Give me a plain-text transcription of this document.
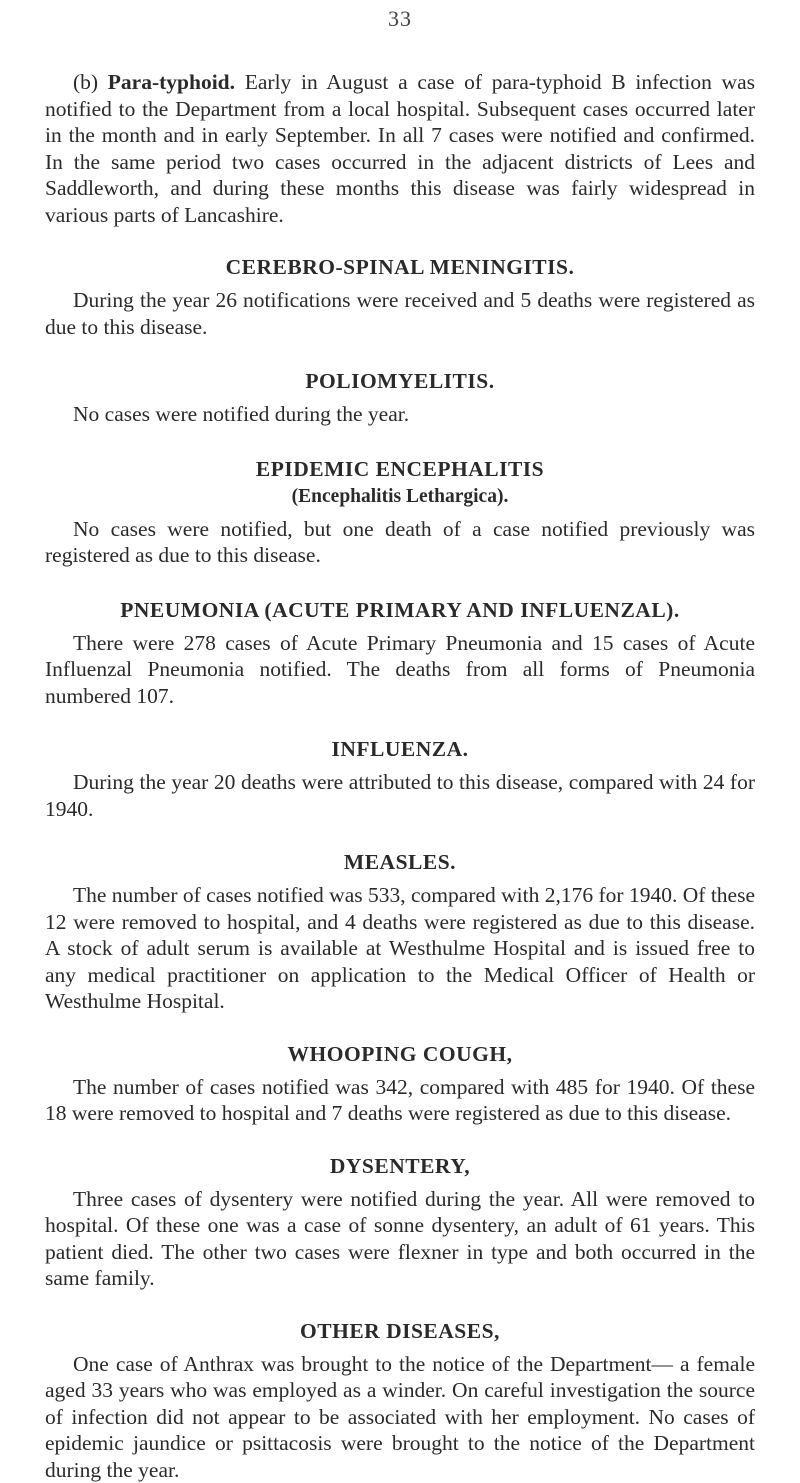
33

(b) Para-typhoid. Early in August a case of para-typhoid B infection was notified to the Department from a local hospital. Subsequent cases occurred later in the month and in early September. In all 7 cases were notified and confirmed. In the same period two cases occurred in the adjacent districts of Lees and Saddleworth, and during these months this disease was fairly widespread in various parts of Lancashire.

CEREBRO-SPINAL MENINGITIS.

During the year 26 notifications were received and 5 deaths were registered as due to this disease.

POLIOMYELITIS.

No cases were notified during the year.

EPIDEMIC ENCEPHALITIS
(Encephalitis Lethargica).

No cases were notified, but one death of a case notified previously was registered as due to this disease.

PNEUMONIA (ACUTE PRIMARY AND INFLUENZAL).

There were 278 cases of Acute Primary Pneumonia and 15 cases of Acute Influenzal Pneumonia notified. The deaths from all forms of Pneumonia numbered 107.

INFLUENZA.

During the year 20 deaths were attributed to this disease, compared with 24 for 1940.

MEASLES.

The number of cases notified was 533, compared with 2,176 for 1940. Of these 12 were removed to hospital, and 4 deaths were registered as due to this disease. A stock of adult serum is available at Westhulme Hospital and is issued free to any medical practitioner on application to the Medical Officer of Health or Westhulme Hospital.

WHOOPING COUGH,

The number of cases notified was 342, compared with 485 for 1940. Of these 18 were removed to hospital and 7 deaths were registered as due to this disease.

DYSENTERY,

Three cases of dysentery were notified during the year. All were removed to hospital. Of these one was a case of sonne dysentery, an adult of 61 years. This patient died. The other two cases were flexner in type and both occurred in the same family.

OTHER DISEASES,

One case of Anthrax was brought to the notice of the Department— a female aged 33 years who was employed as a winder. On careful investigation the source of infection did not appear to be associated with her employment. No cases of epidemic jaundice or psittacosis were brought to the notice of the Department during the year.
